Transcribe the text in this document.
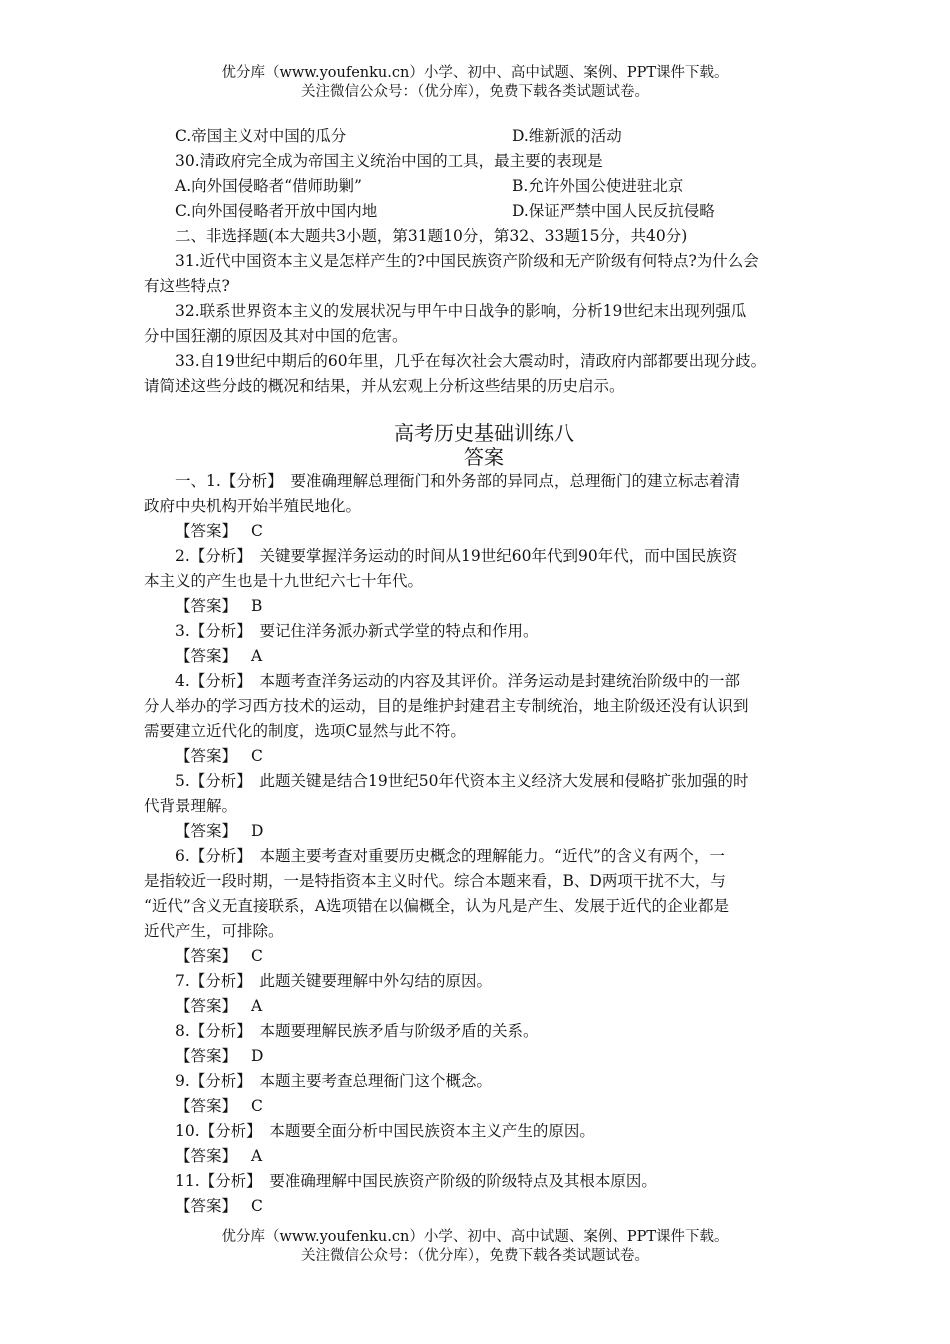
优分库（www.youfenku.cn）小学、初中、高中试题、案例、PPT课件下载。
关注微信公众号：（优分库），免费下载各类试题试卷。
C.帝国主义对中国的瓜分	D.维新派的活动
30.清政府完全成为帝国主义统治中国的工具，最主要的表现是
A.向外国侵略者“借师助剿”	B.允许外国公使进驻北京
C.向外国侵略者开放中国内地	D.保证严禁中国人民反抗侵略
二、非选择题(本大题共3小题，第31题10分，第32、33题15分，共40分)
31.近代中国资本主义是怎样产生的?中国民族资产阶级和无产阶级有何特点?为什么会
有这些特点?
32.联系世界资本主义的发展状况与甲午中日战争的影响，分析19世纪末出现列强瓜
分中国狂潮的原因及其对中国的危害。
33.自19世纪中期后的60年里，几乎在每次社会大震动时，清政府内部都要出现分歧。
请简述这些分歧的概况和结果，并从宏观上分析这些结果的历史启示。
高考历史基础训练八
答案
一、1.【分析】　要准确理解总理衙门和外务部的异同点，总理衙门的建立标志着清
政府中央机构开始半殖民地化。
【答案】 C
2.【分析】　关键要掌握洋务运动的时间从19世纪60年代到90年代，而中国民族资
本主义的产生也是十九世纪六七十年代。
【答案】 B
3.【分析】　要记住洋务派办新式学堂的特点和作用。
【答案】 A
4.【分析】　本题考查洋务运动的内容及其评价。洋务运动是封建统治阶级中的一部
分人举办的学习西方技术的运动，目的是维护封建君主专制统治，地主阶级还没有认识到
需要建立近代化的制度，选项C显然与此不符。
【答案】 C
5.【分析】　此题关键是结合19世纪50年代资本主义经济大发展和侵略扩张加强的时
代背景理解。
【答案】 D
6.【分析】　本题主要考查对重要历史概念的理解能力。“近代”的含义有两个，一
是指较近一段时期，一是特指资本主义时代。综合本题来看，B、D两项干扰不大，与
“近代”含义无直接联系，A选项错在以偏概全，认为凡是产生、发展于近代的企业都是
近代产生，可排除。
【答案】 C
7.【分析】　此题关键要理解中外勾结的原因。
【答案】 A
8.【分析】　本题要理解民族矛盾与阶级矛盾的关系。
【答案】 D
9.【分析】　本题主要考查总理衙门这个概念。
【答案】 C
10.【分析】　本题要全面分析中国民族资本主义产生的原因。
【答案】 A
11.【分析】　要准确理解中国民族资产阶级的阶级特点及其根本原因。
【答案】 C
优分库（www.youfenku.cn）小学、初中、高中试题、案例、PPT课件下载。
关注微信公众号：（优分库），免费下载各类试题试卷。
